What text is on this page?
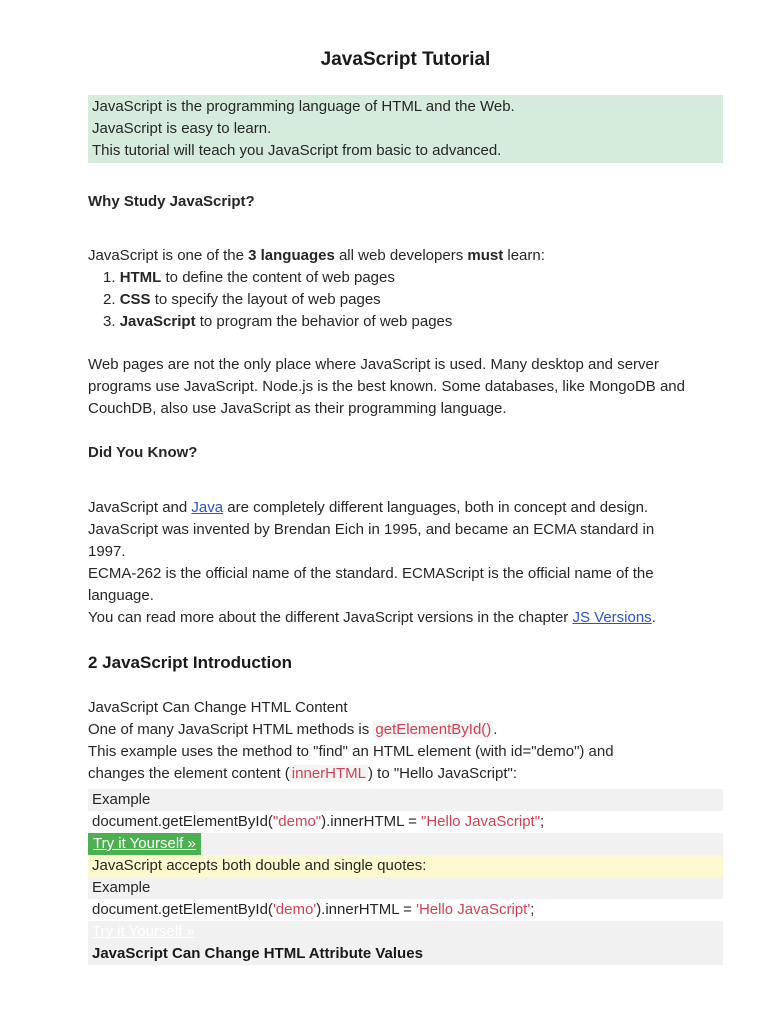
JavaScript Tutorial
JavaScript is the programming language of HTML and the Web.
JavaScript is easy to learn.
This tutorial will teach you JavaScript from basic to advanced.
Why Study JavaScript?
JavaScript is one of the 3 languages all web developers must learn:
1. HTML to define the content of web pages
2. CSS to specify the layout of web pages
3. JavaScript to program the behavior of web pages
Web pages are not the only place where JavaScript is used. Many desktop and server
programs use JavaScript. Node.js is the best known. Some databases, like MongoDB and
CouchDB, also use JavaScript as their programming language.
Did You Know?
JavaScript and Java are completely different languages, both in concept and design.
JavaScript was invented by Brendan Eich in 1995, and became an ECMA standard in
1997.
ECMA-262 is the official name of the standard. ECMAScript is the official name of the
language.
You can read more about the different JavaScript versions in the chapter JS Versions.
2 JavaScript Introduction
JavaScript Can Change HTML Content
One of many JavaScript HTML methods is getElementById() .
This example uses the method to "find" an HTML element (with id="demo") and
changes the element content ( innerHTML ) to "Hello JavaScript":
Example
document.getElementById("demo").innerHTML = "Hello JavaScript";
Try it Yourself »
JavaScript accepts both double and single quotes:
Example
document.getElementById('demo').innerHTML = 'Hello JavaScript';
Try it Yourself »
JavaScript Can Change HTML Attribute Values
